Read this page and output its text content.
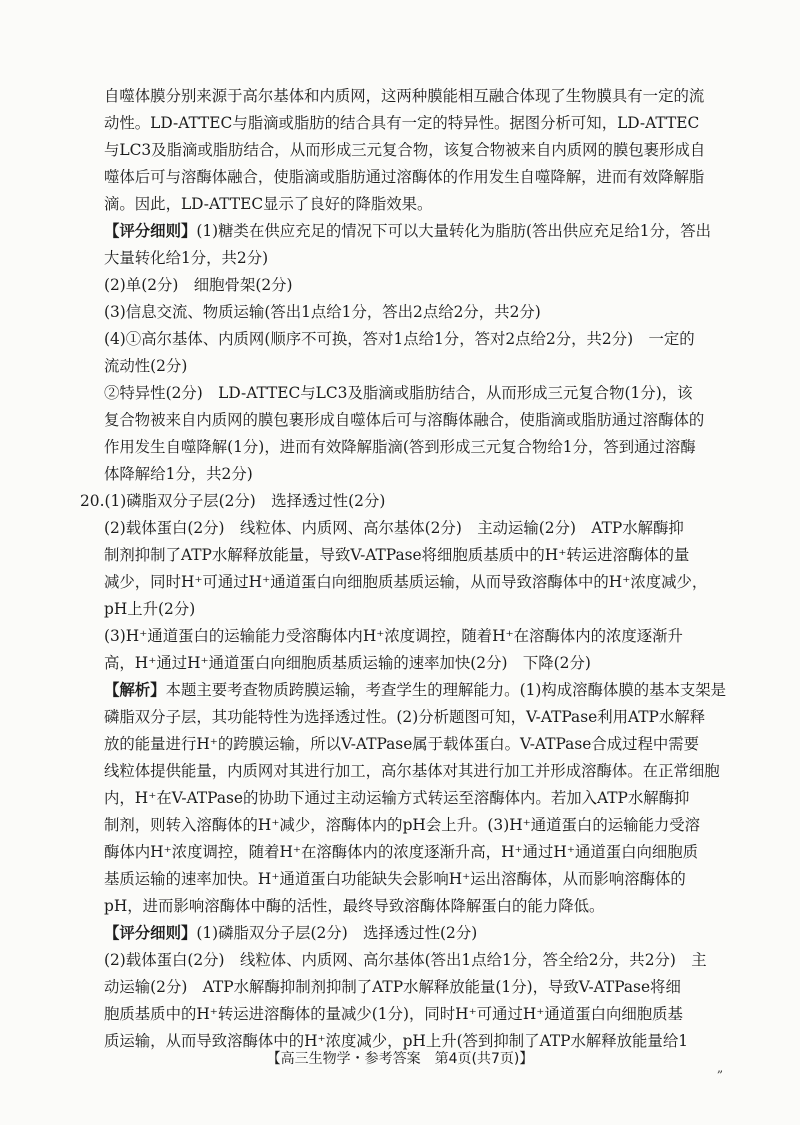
自噬体膜分别来源于高尔基体和内质网，这两种膜能相互融合体现了生物膜具有一定的流
动性。LD-ATTEC与脂滴或脂肪的结合具有一定的特异性。据图分析可知，LD-ATTEC
与LC3及脂滴或脂肪结合，从而形成三元复合物，该复合物被来自内质网的膜包裹形成自
噬体后可与溶酶体融合，使脂滴或脂肪通过溶酶体的作用发生自噬降解，进而有效降解脂
滴。因此，LD-ATTEC显示了良好的降脂效果。
【评分细则】(1)糖类在供应充足的情况下可以大量转化为脂肪(答出供应充足给1分，答出
大量转化给1分，共2分)
(2)单(2分)　细胞骨架(2分)
(3)信息交流、物质运输(答出1点给1分，答出2点给2分，共2分)
(4)①高尔基体、内质网(顺序不可换，答对1点给1分，答对2点给2分，共2分)　一定的
流动性(2分)
②特异性(2分)　LD-ATTEC与LC3及脂滴或脂肪结合，从而形成三元复合物(1分)，该
复合物被来自内质网的膜包裹形成自噬体后可与溶酶体融合，使脂滴或脂肪通过溶酶体的
作用发生自噬降解(1分)，进而有效降解脂滴(答到形成三元复合物给1分，答到通过溶酶
体降解给1分，共2分)
20.(1)磷脂双分子层(2分)　选择透过性(2分)
(2)载体蛋白(2分)　线粒体、内质网、高尔基体(2分)　主动运输(2分)　ATP水解酶抑
制剂抑制了ATP水解释放能量，导致V-ATPase将细胞质基质中的H⁺转运进溶酶体的量
减少，同时H⁺可通过H⁺通道蛋白向细胞质基质运输，从而导致溶酶体中的H⁺浓度减少，
pH上升(2分)
(3)H⁺通道蛋白的运输能力受溶酶体内H⁺浓度调控，随着H⁺在溶酶体内的浓度逐渐升
高，H⁺通过H⁺通道蛋白向细胞质基质运输的速率加快(2分)　下降(2分)
【解析】本题主要考查物质跨膜运输，考查学生的理解能力。(1)构成溶酶体膜的基本支架是
磷脂双分子层，其功能特性为选择透过性。(2)分析题图可知，V-ATPase利用ATP水解释
放的能量进行H⁺的跨膜运输，所以V-ATPase属于载体蛋白。V-ATPase合成过程中需要
线粒体提供能量，内质网对其进行加工，高尔基体对其进行加工并形成溶酶体。在正常细胞
内，H⁺在V-ATPase的协助下通过主动运输方式转运至溶酶体内。若加入ATP水解酶抑
制剂，则转入溶酶体的H⁺减少，溶酶体内的pH会上升。(3)H⁺通道蛋白的运输能力受溶
酶体内H⁺浓度调控，随着H⁺在溶酶体内的浓度逐渐升高，H⁺通过H⁺通道蛋白向细胞质
基质运输的速率加快。H⁺通道蛋白功能缺失会影响H⁺运出溶酶体，从而影响溶酶体的
pH，进而影响溶酶体中酶的活性，最终导致溶酶体降解蛋白的能力降低。
【评分细则】(1)磷脂双分子层(2分)　选择透过性(2分)
(2)载体蛋白(2分)　线粒体、内质网、高尔基体(答出1点给1分，答全给2分，共2分)　主
动运输(2分)　ATP水解酶抑制剂抑制了ATP水解释放能量(1分)，导致V-ATPase将细
胞质基质中的H⁺转运进溶酶体的量减少(1分)，同时H⁺可通过H⁺通道蛋白向细胞质基
质运输，从而导致溶酶体中的H⁺浓度减少，pH上升(答到抑制了ATP水解释放能量给1
【高三生物学・参考答案　第4页(共7页)】
„
